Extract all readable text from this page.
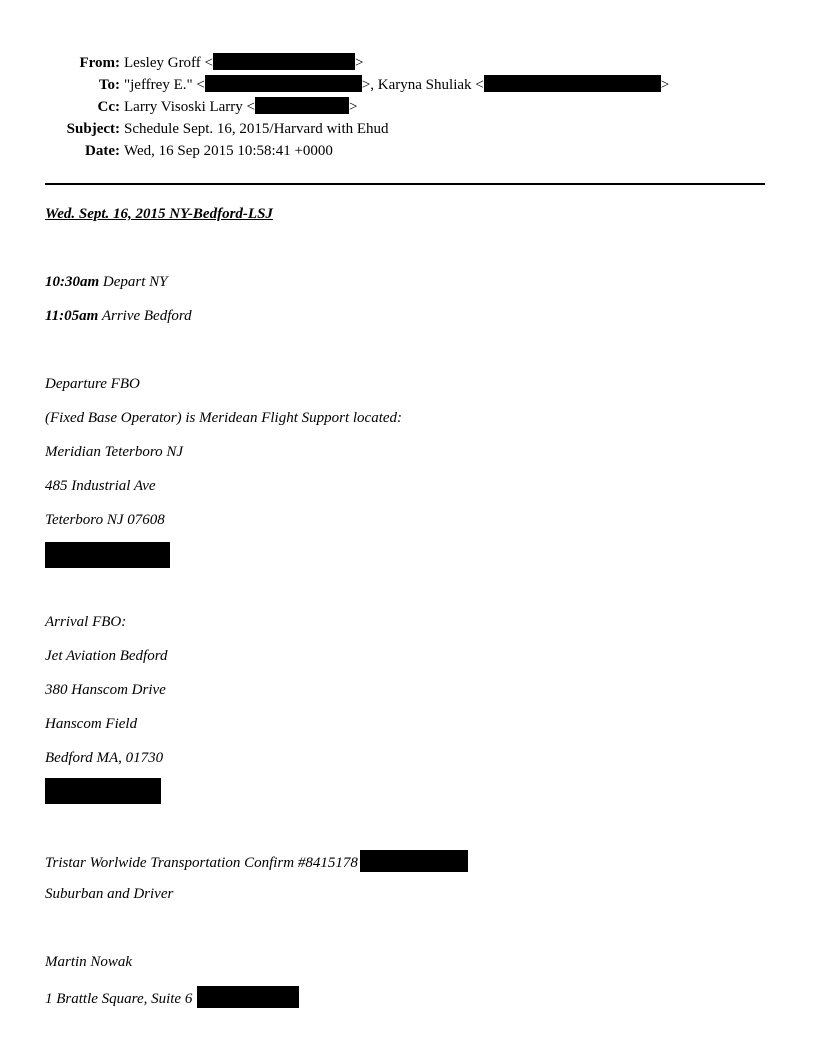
From: Lesley Groff <	>
To: "jeffrey E." <	>, Karyna Shuliak <	>
Cc: Larry Visoski Larry <	>
Subject: Schedule Sept. 16, 2015/Harvard with Ehud
Date: Wed, 16 Sep 2015 10:58:41 +0000
Wed. Sept. 16, 2015 NY-Bedford-LSJ
10:30am Depart NY
11:05am Arrive Bedford
Departure FBO
(Fixed Base Operator) is Meridean Flight Support located:
Meridian Teterboro NJ
485 Industrial Ave
Teterboro NJ 07608
Arrival FBO:
Jet Aviation Bedford
380 Hanscom Drive
Hanscom Field
Bedford MA, 01730
Tristar Worlwide Transportation Confirm #8415178
Suburban and Driver
Martin Nowak
1 Brattle Square, Suite 6
